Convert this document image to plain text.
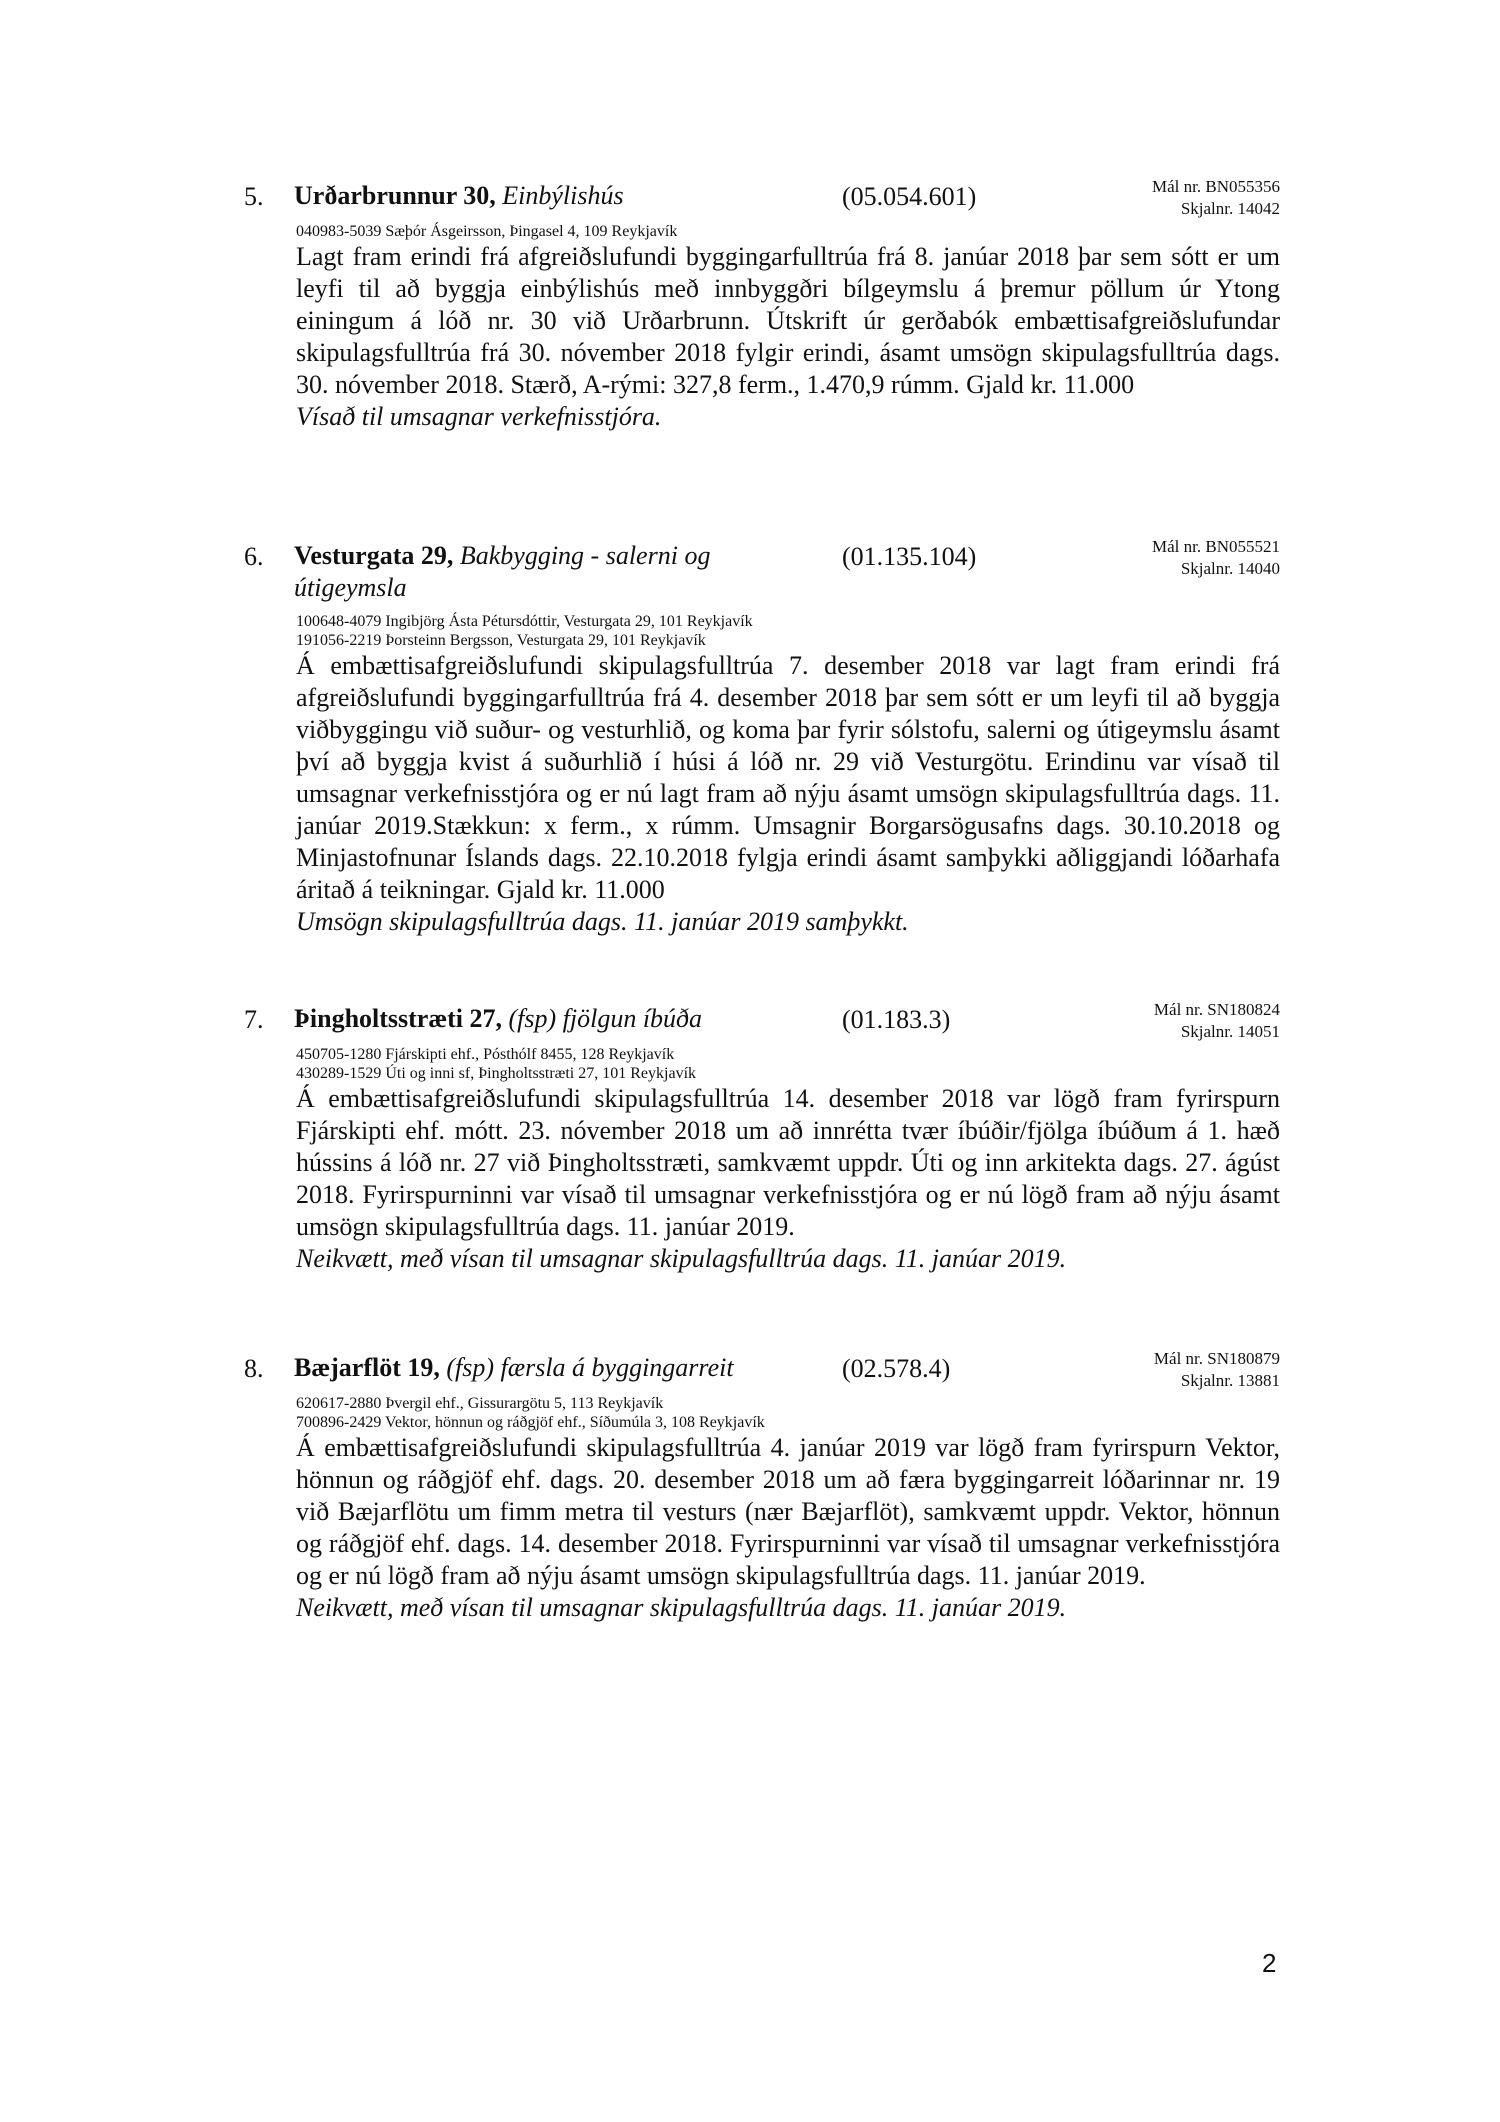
5. Urðarbrunnur 30, Einbýlishús	(05.054.601)	Mál nr. BN055356
Skjalnr. 14042
040983-5039 Sæþór Ásgeirsson, Þingasel 4, 109 Reykjavík
Lagt fram erindi frá afgreiðslufundi byggingarfulltrúa frá 8. janúar 2018 þar sem sótt er um leyfi til að byggja einbýlishús með innbyggðri bílgeymslu á þremur pöllum úr Ytong einingum á lóð nr. 30 við Urðarbrunn. Útskrift úr gerðabók embættisafgreiðslufundar skipulagsfulltrúa frá 30. nóvember 2018 fylgir erindi, ásamt umsögn skipulagsfulltrúa dags. 30. nóvember 2018. Stærð, A-rými: 327,8 ferm., 1.470,9 rúmm. Gjald kr. 11.000
Vísað til umsagnar verkefnisstjóra.
6. Vesturgata 29, Bakbygging - salerni og útigeymsla
(01.135.104)	Mál nr. BN055521
Skjalnr. 14040
100648-4079 Ingibjörg Ásta Pétursdóttir, Vesturgata 29, 101 Reykjavík
191056-2219 Þorsteinn Bergsson, Vesturgata 29, 101 Reykjavík
Á embættisafgreiðslufundi skipulagsfulltrúa 7. desember 2018 var lagt fram erindi frá afgreiðslufundi byggingarfulltrúa frá 4. desember 2018 þar sem sótt er um leyfi til að byggja viðbyggingu við suður- og vesturhlið, og koma þar fyrir sólstofu, salerni og útigeymslu ásamt því að byggja kvist á suðurhlið í húsi á lóð nr. 29 við Vesturgötu. Erindinu var vísað til umsagnar verkefnisstjóra og er nú lagt fram að nýju ásamt umsögn skipulagsfulltrúa dags. 11. janúar 2019.Stækkun: x ferm., x rúmm. Umsagnir Borgarsögusafns dags. 30.10.2018 og Minjastofnunar Íslands dags. 22.10.2018 fylgja erindi ásamt samþykki aðliggjandi lóðarhafa áritað á teikningar. Gjald kr. 11.000
Umsögn skipulagsfulltrúa dags. 11. janúar 2019 samþykkt.
7. Þingholtsstræti 27, (fsp) fjölgun íbúða	(01.183.3)	Mál nr. SN180824
Skjalnr. 14051
450705-1280 Fjárskipti ehf., Pósthólf 8455, 128 Reykjavík
430289-1529 Úti og inni sf, Þingholtsstræti 27, 101 Reykjavík
Á embættisafgreiðslufundi skipulagsfulltrúa 14. desember 2018 var lögð fram fyrirspurn Fjárskipti ehf. mótt. 23. nóvember 2018 um að innrétta tvær íbúðir/fjölga íbúðum á 1. hæð hússins á lóð nr. 27 við Þingholtsstræti, samkvæmt uppdr. Úti og inn arkitekta dags. 27. ágúst 2018. Fyrirspurninni var vísað til umsagnar verkefnisstjóra og er nú lögð fram að nýju ásamt umsögn skipulagsfulltrúa dags. 11. janúar 2019.
Neikvætt, með vísan til umsagnar skipulagsfulltrúa dags. 11. janúar 2019.
8. Bæjarflöt 19, (fsp) færsla á byggingarreit	(02.578.4)	Mál nr. SN180879
Skjalnr. 13881
620617-2880 Þvergil ehf., Gissurargötu 5, 113 Reykjavík
700896-2429 Vektor, hönnun og ráðgjöf ehf., Síðumúla 3, 108 Reykjavík
Á embættisafgreiðslufundi skipulagsfulltrúa 4. janúar 2019 var lögð fram fyrirspurn Vektor, hönnun og ráðgjöf ehf. dags. 20. desember 2018 um að færa byggingarreit lóðarinnar nr. 19 við Bæjarflötu um fimm metra til vesturs (nær Bæjarflöt), samkvæmt uppdr. Vektor, hönnun og ráðgjöf ehf. dags. 14. desember 2018. Fyrirspurninni var vísað til umsagnar verkefnisstjóra og er nú lögð fram að nýju ásamt umsögn skipulagsfulltrúa dags. 11. janúar 2019.
Neikvætt, með vísan til umsagnar skipulagsfulltrúa dags. 11. janúar 2019.
2
